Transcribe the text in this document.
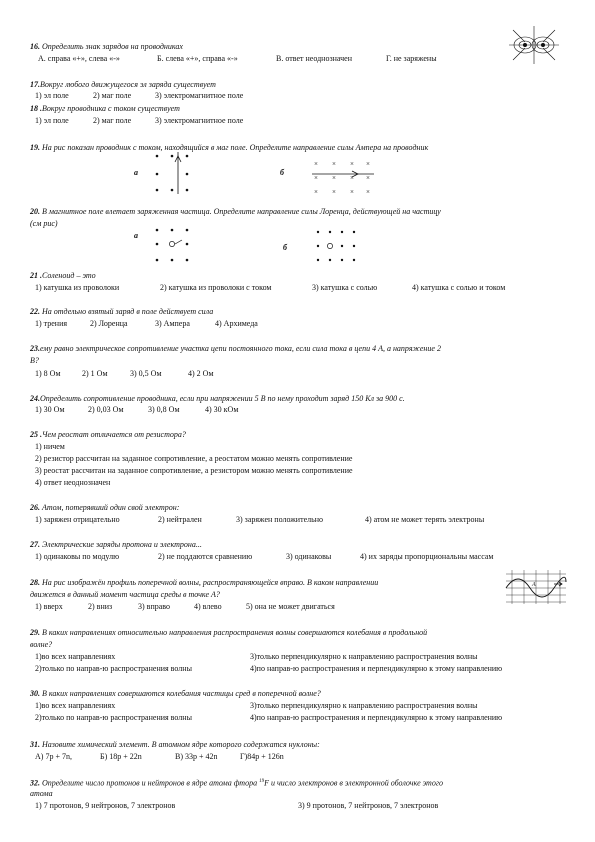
16. Определить знак зарядов на проводниках
А. справа «+», слева «-»	Б. слева «+», справа «-»	В. ответ неоднозначен	Г. не заряжены
17.Вокруг любого движущегося эл заряда существует
1) эл поле	2) маг поле	3) электромагнитное поле
18 .Вокруг проводника с током существует
1) эл поле	2) маг поле	3) электромагнитное поле
19. На рис показан проводник с током, находящийся в маг поле. Определите направление силы Ампера на проводник
а	б
× × × ×
× × × ×
× × × ×
20. В магнитное поле влетает заряженная частица. Определите направление силы Лоренца, действующей на частицу
(см рис)
а
б
21 .Соленоид – это
1) катушка из проволоки	2) катушка из проволоки с током	3) катушка с солью	4) катушка с солью и током
22. На отдельно взятый заряд в поле действует сила
1) трения	2) Лоренца	3) Ампера	4) Архимеда
23.ему равно электрическое сопротивление участка цепи постоянного тока, если сила тока в цепи 4 А, а напряжение 2
В?
1) 8 Ом	2) 1 Ом	3) 0,5 Ом	4) 2 Ом
24.Определить сопротивление проводника, если при напряжении 5 В по нему проходит заряд 150 Кл за 900 с.
1) 30 Ом	2) 0,03 Ом	3) 0,8 Ом	4) 30 кОм
25 .Чем реостат отличается от резистора?
1) ничем
2) резистор рассчитан на заданное сопротивление, а реостатом можно менять сопротивление
3) реостат рассчитан на заданное сопротивление, а резистором можно менять сопротивление
4) ответ неоднозначен
26. Атом, потерявший один свой электрон:
1) заряжен отрицательно	2) нейтрален	3) заряжен положительно	4) атом не может терять электроны
27. Электрические заряды протона и электрона...
1) одинаковы по модулю	2) не поддаются сравнению	3) одинаковы	4) их заряды пропорциональны массам
28. На рис изображён профиль поперечной волны, распространяющейся вправо. В каком направлении
движется в данный момент частица среды в точке А?
1) вверх	2) вниз	3) вправо	4) влево	5) она не может двигаться
А
29. В каких направлениях относительно направления распространения волны совершаются колебания в продольной
волне?
1)во всех направлениях	3)только перпендикулярно к направлению распространения волны
2)только по направ-ю распространения волны	4)по направ-ю распространения и перпендикулярно к этому направлению
30. В каких направлениях совершаются колебания частицы сред в поперечной волне?
1)во всех направлениях	3)только перпендикулярно к направлению распространения волны
2)только по направ-ю распространения волны	4)по направ-ю распространения и перпендикулярно к этому направлению
31. Назовите химический элемент. В атомном ядре которого содержатся нуклоны:
А) 7p + 7n,	Б) 18p + 22n	В) 33p + 42n	Г)84p + 126n
32. Определите число протонов и нейтронов в ядре атома фтора $^{19}$F и число электронов в электронной оболочке этого
атома
1) 7 протонов, 9 нейтронов, 7 электронов	3) 9 протонов, 7 нейтронов, 7 электронов
